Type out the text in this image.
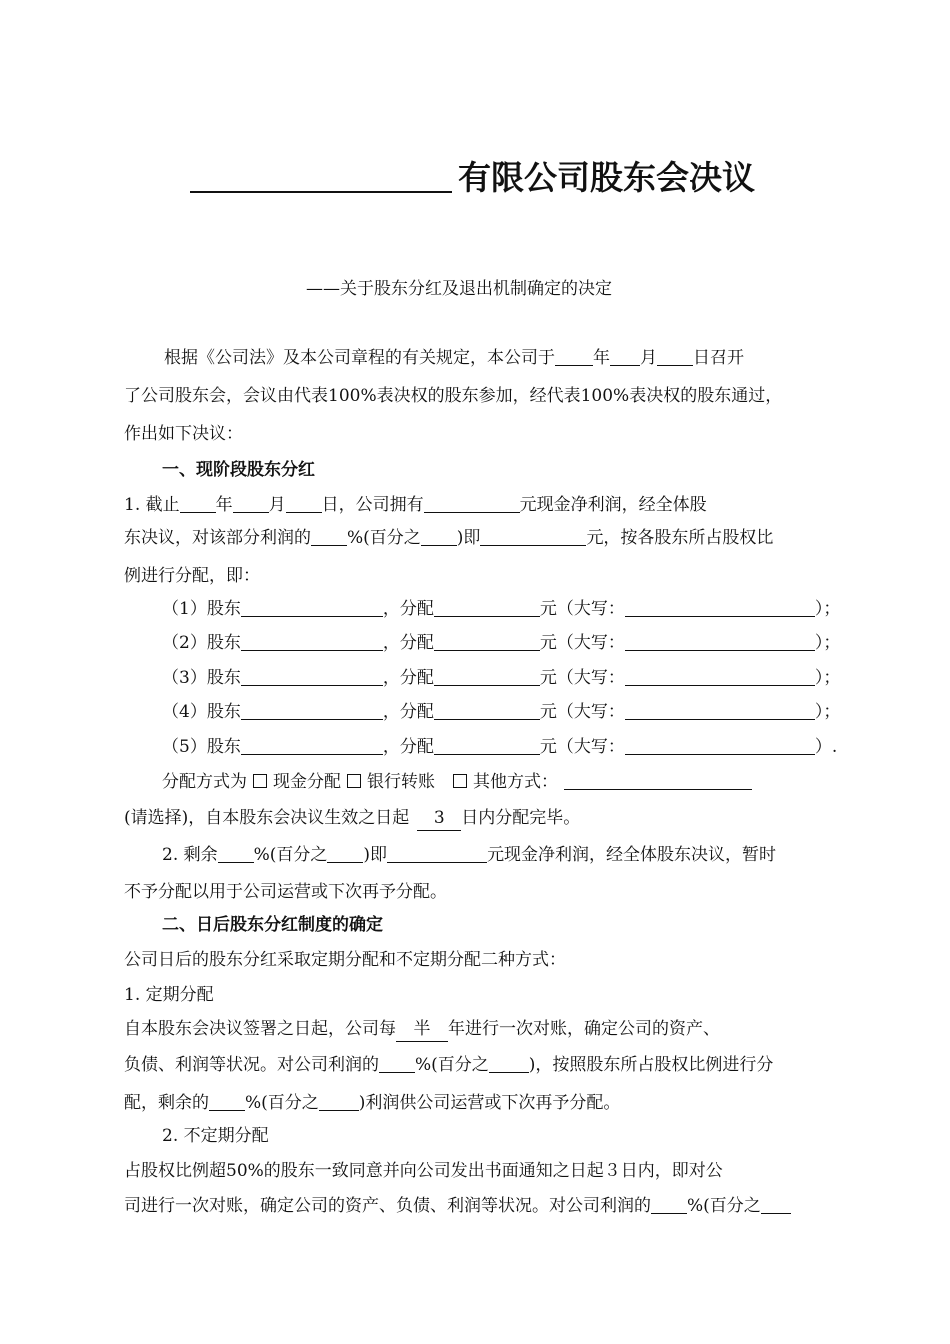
有限公司股东会决议
——关于股东分红及退出机制确定的决定
根据《公司法》及本公司章程的有关规定，本公司于 年 月 日召开
了公司股东会，会议由代表100%表决权的股东参加，经代表100%表决权的股东通过，
作出如下决议：
一、现阶段股东分红
1. 截止 年 月 日，公司拥有	元现金净利润，经全体股
东决议，对该部分利润的 %(百分之 )即	元，按各股东所占股权比
例进行分配，即：
（1）股东	，分配	元（大写：	）；
（2）股东	，分配	元（大写：	）；
（3）股东	，分配	元（大写：	）；
（4）股东	，分配	元（大写：	）；
（5）股东	，分配	元（大写：	）.
分配方式为 现金分配 银行转账 其他方式：
(请选择)，自本股东会决议生效之日起 3 日内分配完毕。
2. 剩余 %(百分之 )即	元现金净利润，经全体股东决议，暂时
不予分配以用于公司运营或下次再予分配。
二、日后股东分红制度的确定
公司日后的股东分红采取定期分配和不定期分配二种方式：
1. 定期分配
自本股东会决议签署之日起，公司每 半 年进行一次对账，确定公司的资产、
负债、利润等状况。对公司利润的 %(百分之 )，按照股东所占股权比例进行分
配，剩余的 %(百分之 )利润供公司运营或下次再予分配。
2. 不定期分配
占股权比例超50%的股东一致同意并向公司发出书面通知之日起３日内，即对公
司进行一次对账，确定公司的资产、负债、利润等状况。对公司利润的 %(百分之
